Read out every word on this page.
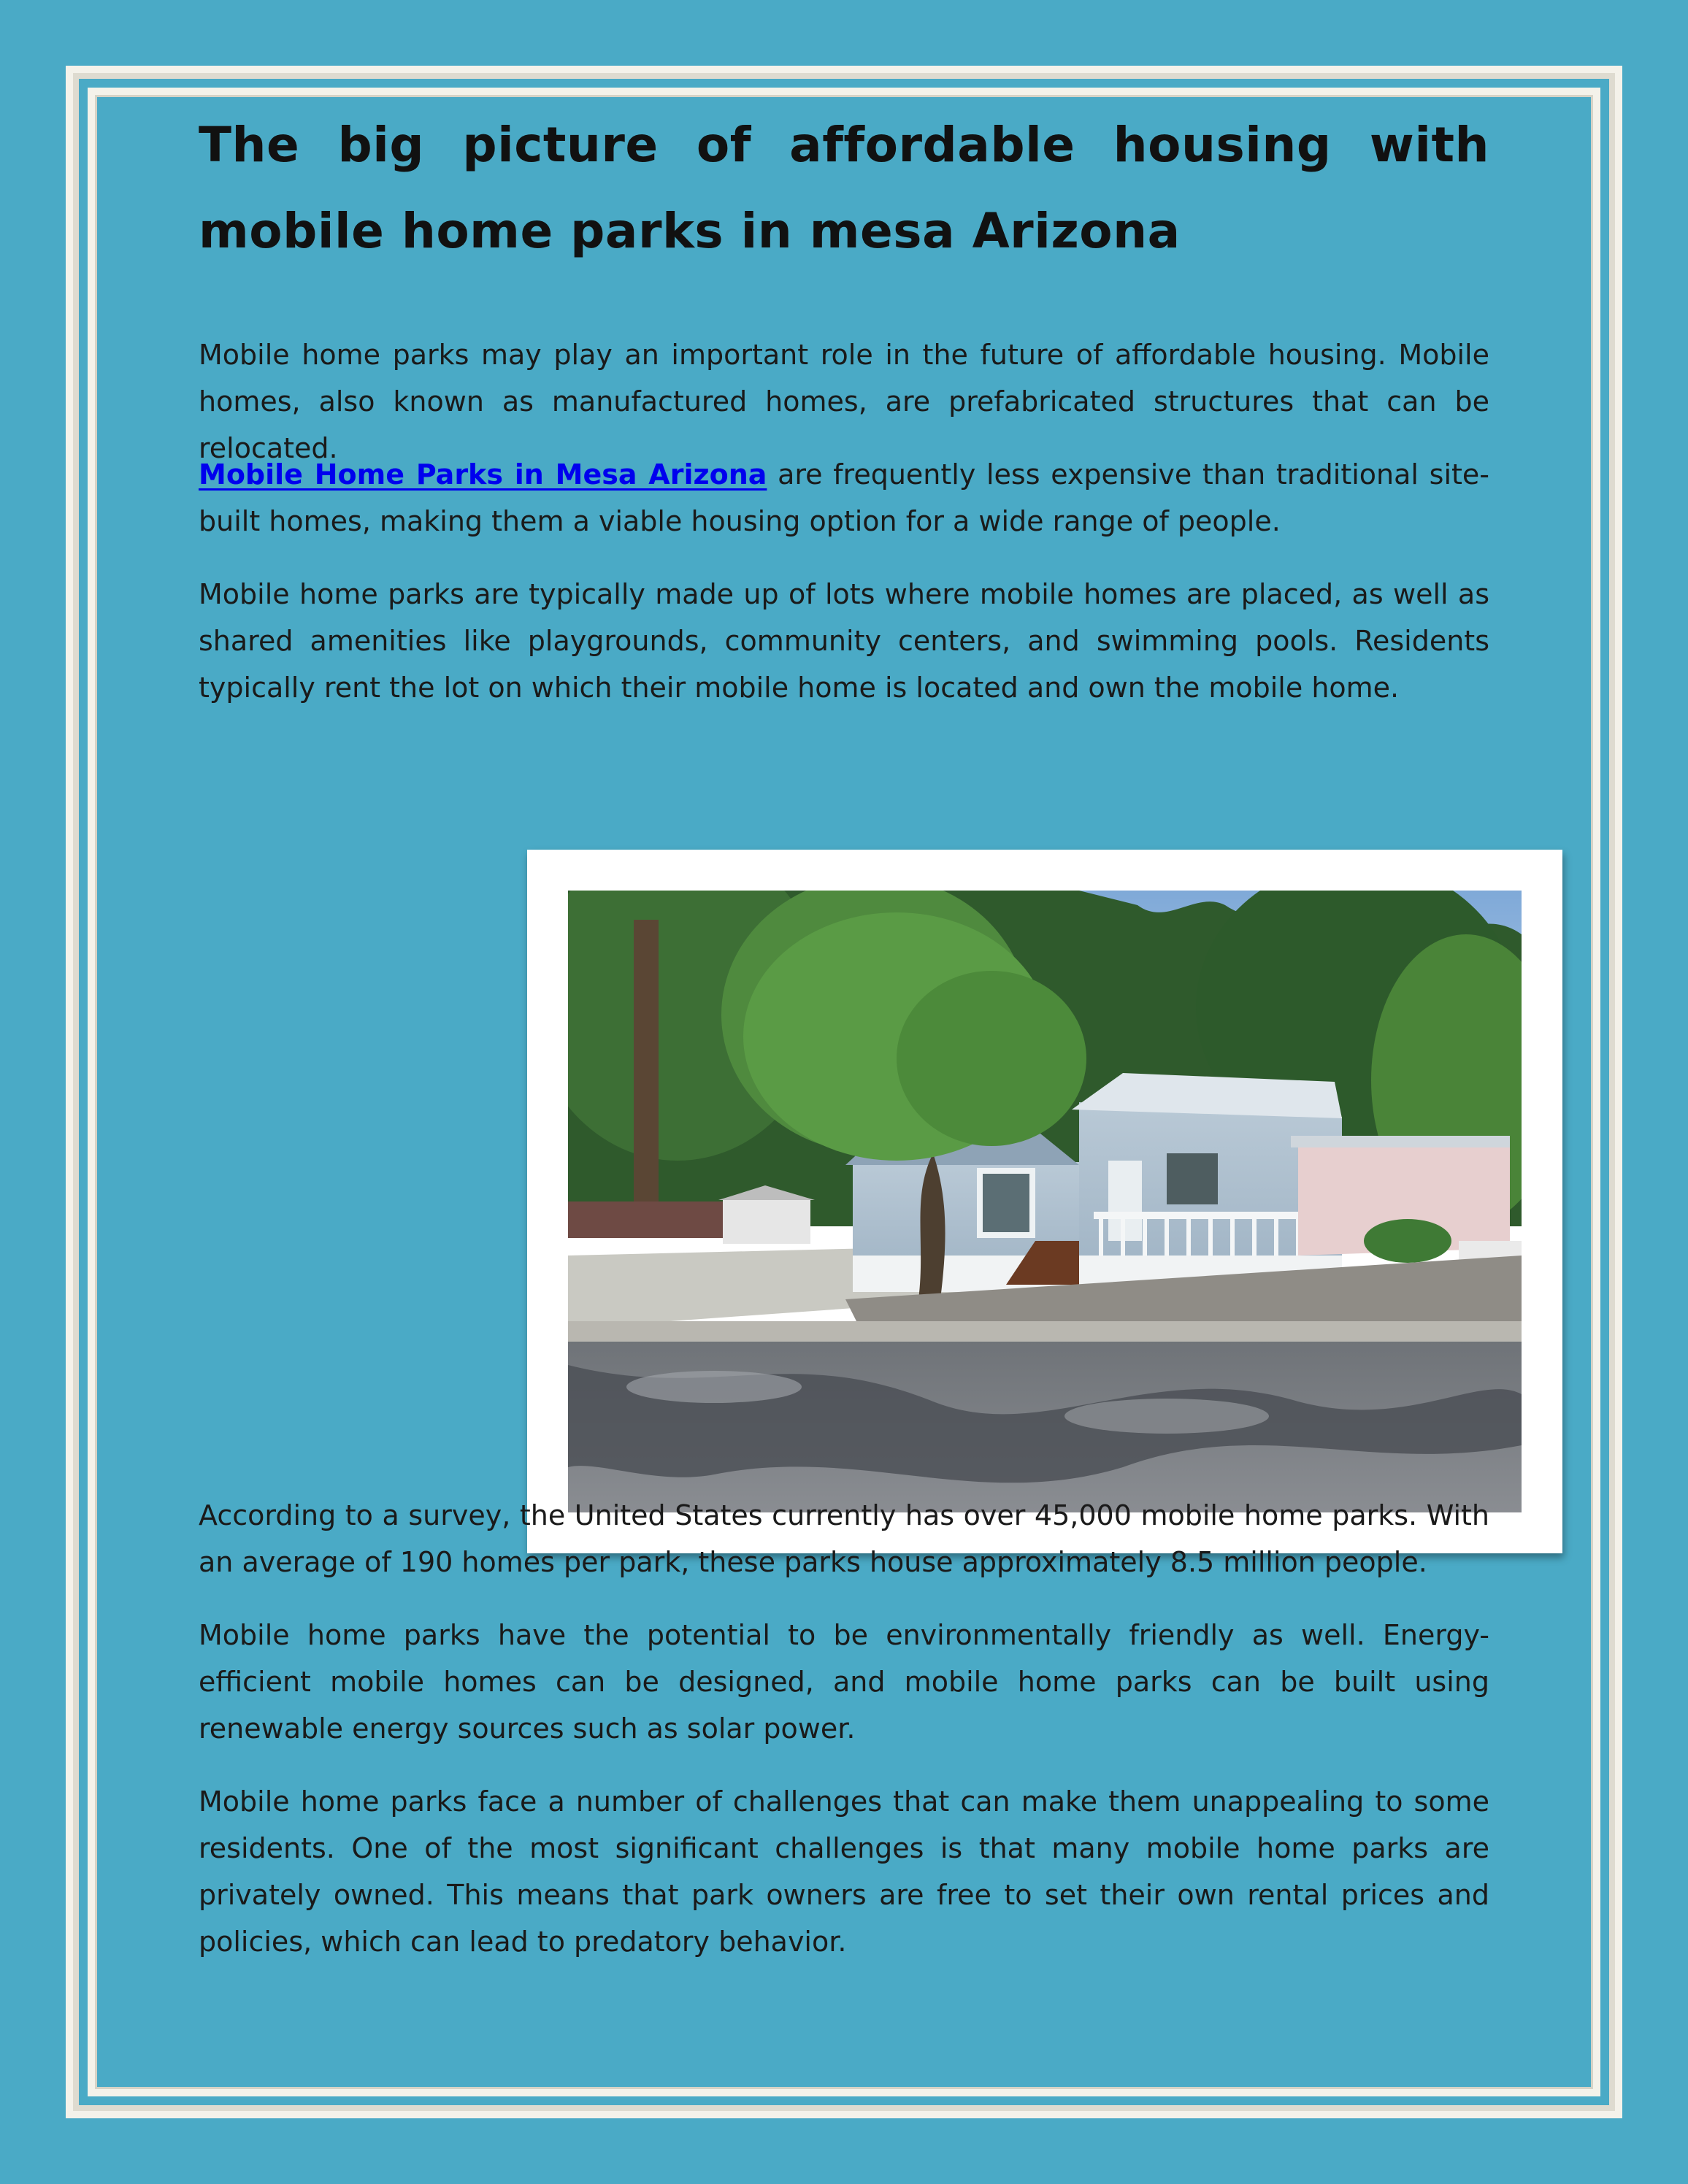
The big picture of affordable housing with mobile home parks in mesa Arizona

Mobile home parks may play an important role in the future of affordable housing. Mobile homes, also known as manufactured homes, are prefabricated structures that can be relocated.

Mobile Home Parks in Mesa Arizona are frequently less expensive than traditional site-built homes, making them a viable housing option for a wide range of people.

Mobile home parks are typically made up of lots where mobile homes are placed, as well as shared amenities like playgrounds, community centers, and swimming pools. Residents typically rent the lot on which their mobile home is located and own the mobile home.

According to a survey, the United States currently has over 45,000 mobile home parks. With an average of 190 homes per park, these parks house approximately 8.5 million people.

Mobile home parks have the potential to be environmentally friendly as well. Energy-efficient mobile homes can be designed, and mobile home parks can be built using renewable energy sources such as solar power.

Mobile home parks face a number of challenges that can make them unappealing to some residents. One of the most significant challenges is that many mobile home parks are privately owned. This means that park owners are free to set their own rental prices and policies, which can lead to predatory behavior.
